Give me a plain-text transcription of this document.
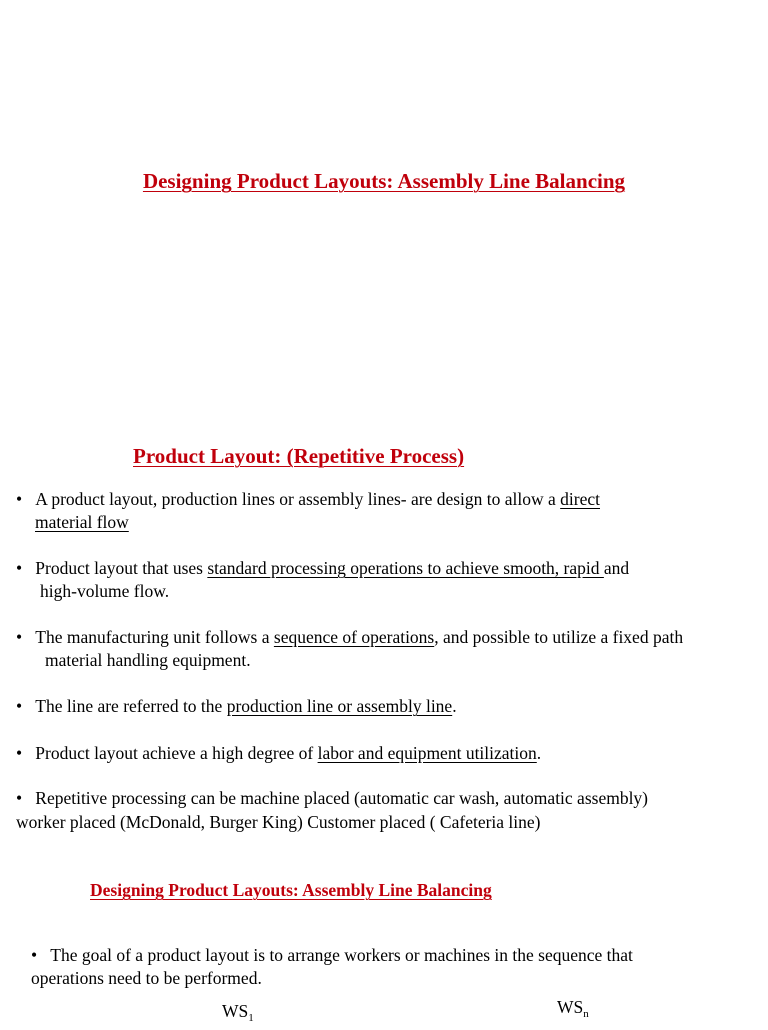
Designing Product Layouts: Assembly Line Balancing
Product Layout: (Repetitive Process)
• A product layout, production lines or assembly lines- are design to allow a direct
material flow
• Product layout that uses standard processing operations to achieve smooth, rapid and
high-volume flow.
• The manufacturing unit follows a sequence of operations, and possible to utilize a fixed path
material handling equipment.
• The line are referred to the production line or assembly line.
• Product layout achieve a high degree of labor and equipment utilization.
• Repetitive processing can be machine placed (automatic car wash, automatic assembly)
worker placed (McDonald, Burger King) Customer placed ( Cafeteria line)
Designing Product Layouts: Assembly Line Balancing
• The goal of a product layout is to arrange workers or machines in the sequence that
operations need to be performed.
$WS_1$
$WS_n$
